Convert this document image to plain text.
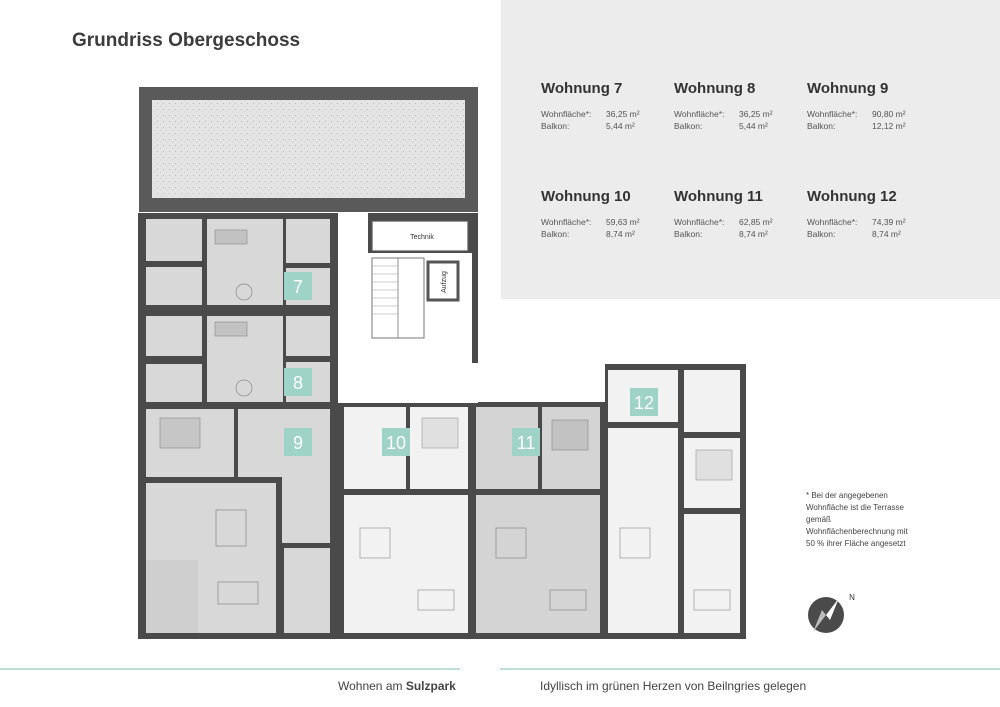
Grundriss Obergeschoss
Wohnung 7
Wohnfläche*:	36,25 m²
Balkon:	5,44 m²
Wohnung 8
Wohnfläche*:	36,25 m²
Balkon:	5,44 m²
Wohnung 9
Wohnfläche*:	90,80 m²
Balkon:	12,12 m²
Wohnung 10
Wohnfläche*:	59,63 m²
Balkon:	8,74 m²
Wohnung 11
Wohnfläche*:	62,85 m²
Balkon:	8,74 m²
Wohnung 12
Wohnfläche*:	74,39 m²
Balkon:	8,74 m²
Technik
Aufzug
7
8
9	10	11
12
N
* Bei der angegebenen Wohnfläche ist die Terrasse gemäß Wohnflächenberechnung mit 50 % ihrer Fläche angesetzt
Wohnen am Sulzpark	Idyllisch im grünen Herzen von Beilngries gelegen
